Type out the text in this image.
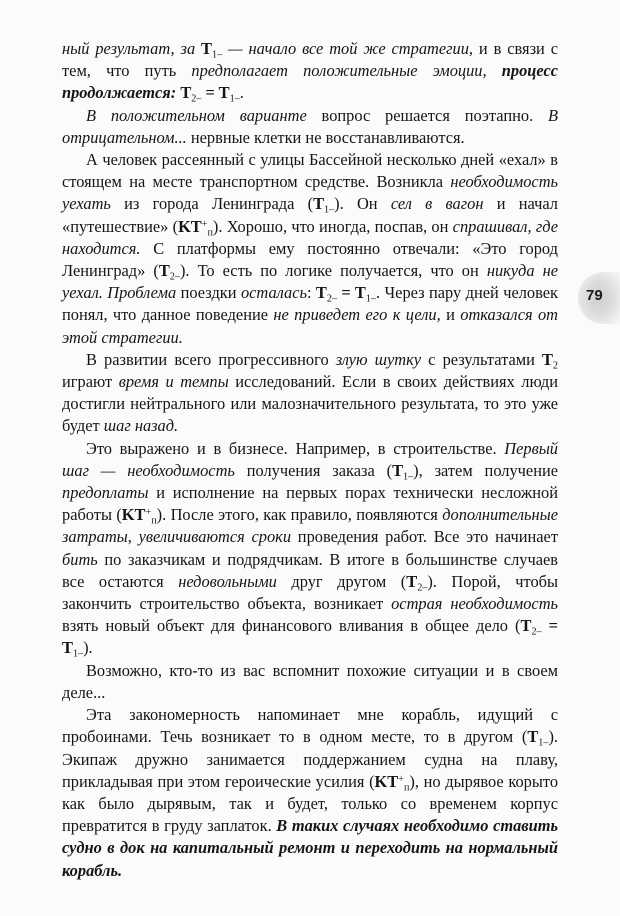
ный результат, за $T_{1-}$ — начало все той же стратегии, и в связи с тем, что путь предполагает положительные эмоции, процесс продолжается: $T_{2-} = T_{1-}$.

В положительном варианте вопрос решается поэтапно. В отрицательном... нервные клетки не восстанавливаются.

А человек рассеянный с улицы Бассейной несколько дней «ехал» в стоящем на месте транспортном средстве. Возникла необходимость уехать из города Ленинграда $(T_{1-})$. Он сел в вагон и начал «путешествие» $(KT^+_п)$. Хорошо, что иногда, поспав, он спрашивал, где находится. С платформы ему постоянно отвечали: «Это город Ленинград» $(T_{2-})$. То есть по логике получается, что он никуда не уехал. Проблема поездки осталась: $T_{2-} = T_{1-}$. Через пару дней человек понял, что данное поведение не приведет его к цели, и отказался от этой стратегии.

В развитии всего прогрессивного злую шутку с результатами $T_2$ играют время и темпы исследований. Если в своих действиях люди достигли нейтрального или малозначительного результата, то это уже будет шаг назад.

Это выражено и в бизнесе. Например, в строительстве. Первый шаг — необходимость получения заказа $(T_{1-})$, затем получение предоплаты и исполнение на первых порах технически несложной работы $(KT^+_п)$. После этого, как правило, появляются дополнительные затраты, увеличиваются сроки проведения работ. Все это начинает бить по заказчикам и подрядчикам. В итоге в большинстве случаев все остаются недовольными друг другом $(T_{2-})$. Порой, чтобы закончить строительство объекта, возникает острая необходимость взять новый объект для финансового вливания в общее дело $(T_{2-} = T_{1-})$.

Возможно, кто-то из вас вспомнит похожие ситуации и в своем деле...

Эта закономерность напоминает мне корабль, идущий с пробоинами. Течь возникает то в одном месте, то в другом $(T_{1-})$. Экипаж дружно занимается поддержанием судна на плаву, прикладывая при этом героические усилия $(KT^+_п)$, но дырявое корыто как было дырявым, так и будет, только со временем корпус превратится в груду заплаток. В таких случаях необходимо ставить судно в док на капитальный ремонт и переходить на нормальный корабль.

79
